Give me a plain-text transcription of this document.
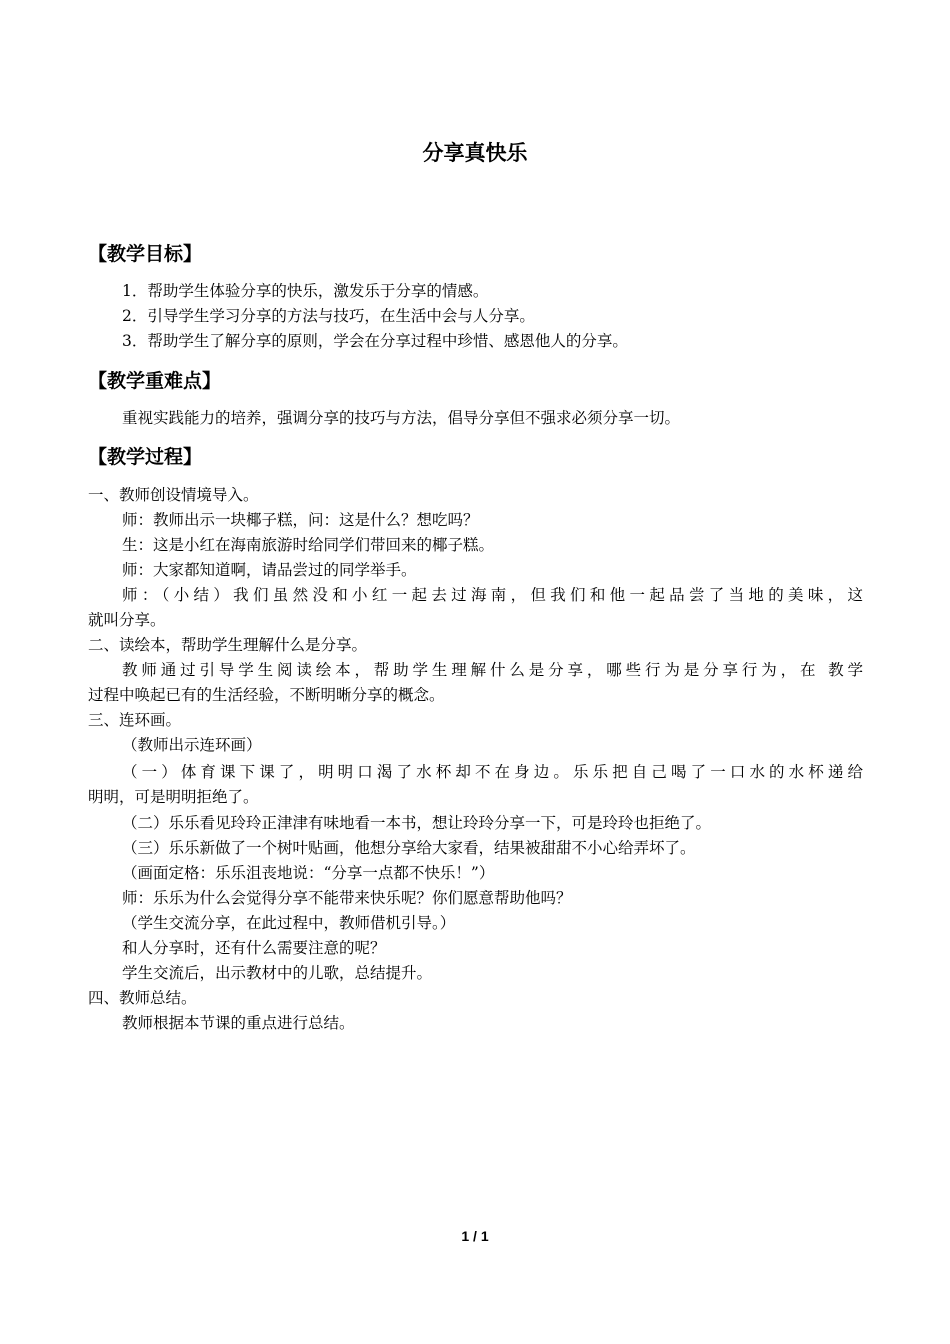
分享真快乐
【教学目标】
1．帮助学生体验分享的快乐，激发乐于分享的情感。
2．引导学生学习分享的方法与技巧，在生活中会与人分享。
3．帮助学生了解分享的原则，学会在分享过程中珍惜、感恩他人的分享。
【教学重难点】
重视实践能力的培养，强调分享的技巧与方法，倡导分享但不强求必须分享一切。
【教学过程】
一、教师创设情境导入。
师：教师出示一块椰子糕，问：这是什么？想吃吗？
生：这是小红在海南旅游时给同学们带回来的椰子糕。
师：大家都知道啊，请品尝过的同学举手。
师：（小结）我们虽然没和小红一起去过海南，但我们和他一起品尝了当地的美味，这
就叫分享。
二、读绘本，帮助学生理解什么是分享。
教师通过引导学生阅读绘本，帮助学生理解什么是分享，哪些行为是分享行为，在 教学
过程中唤起已有的生活经验，不断明晰分享的概念。
三、连环画。
（教师出示连环画）
（一）体育课下课了，明明口渴了水杯却不在身边。乐乐把自己喝了一口水的水杯递给
明明，可是明明拒绝了。
（二）乐乐看见玲玲正津津有味地看一本书，想让玲玲分享一下，可是玲玲也拒绝了。
（三）乐乐新做了一个树叶贴画，他想分享给大家看，结果被甜甜不小心给弄坏了。
（画面定格：乐乐沮丧地说：“分享一点都不快乐！”）
师：乐乐为什么会觉得分享不能带来快乐呢？你们愿意帮助他吗？
（学生交流分享，在此过程中，教师借机引导。）
和人分享时，还有什么需要注意的呢？
学生交流后，出示教材中的儿歌，总结提升。
四、教师总结。
教师根据本节课的重点进行总结。
1 / 1
